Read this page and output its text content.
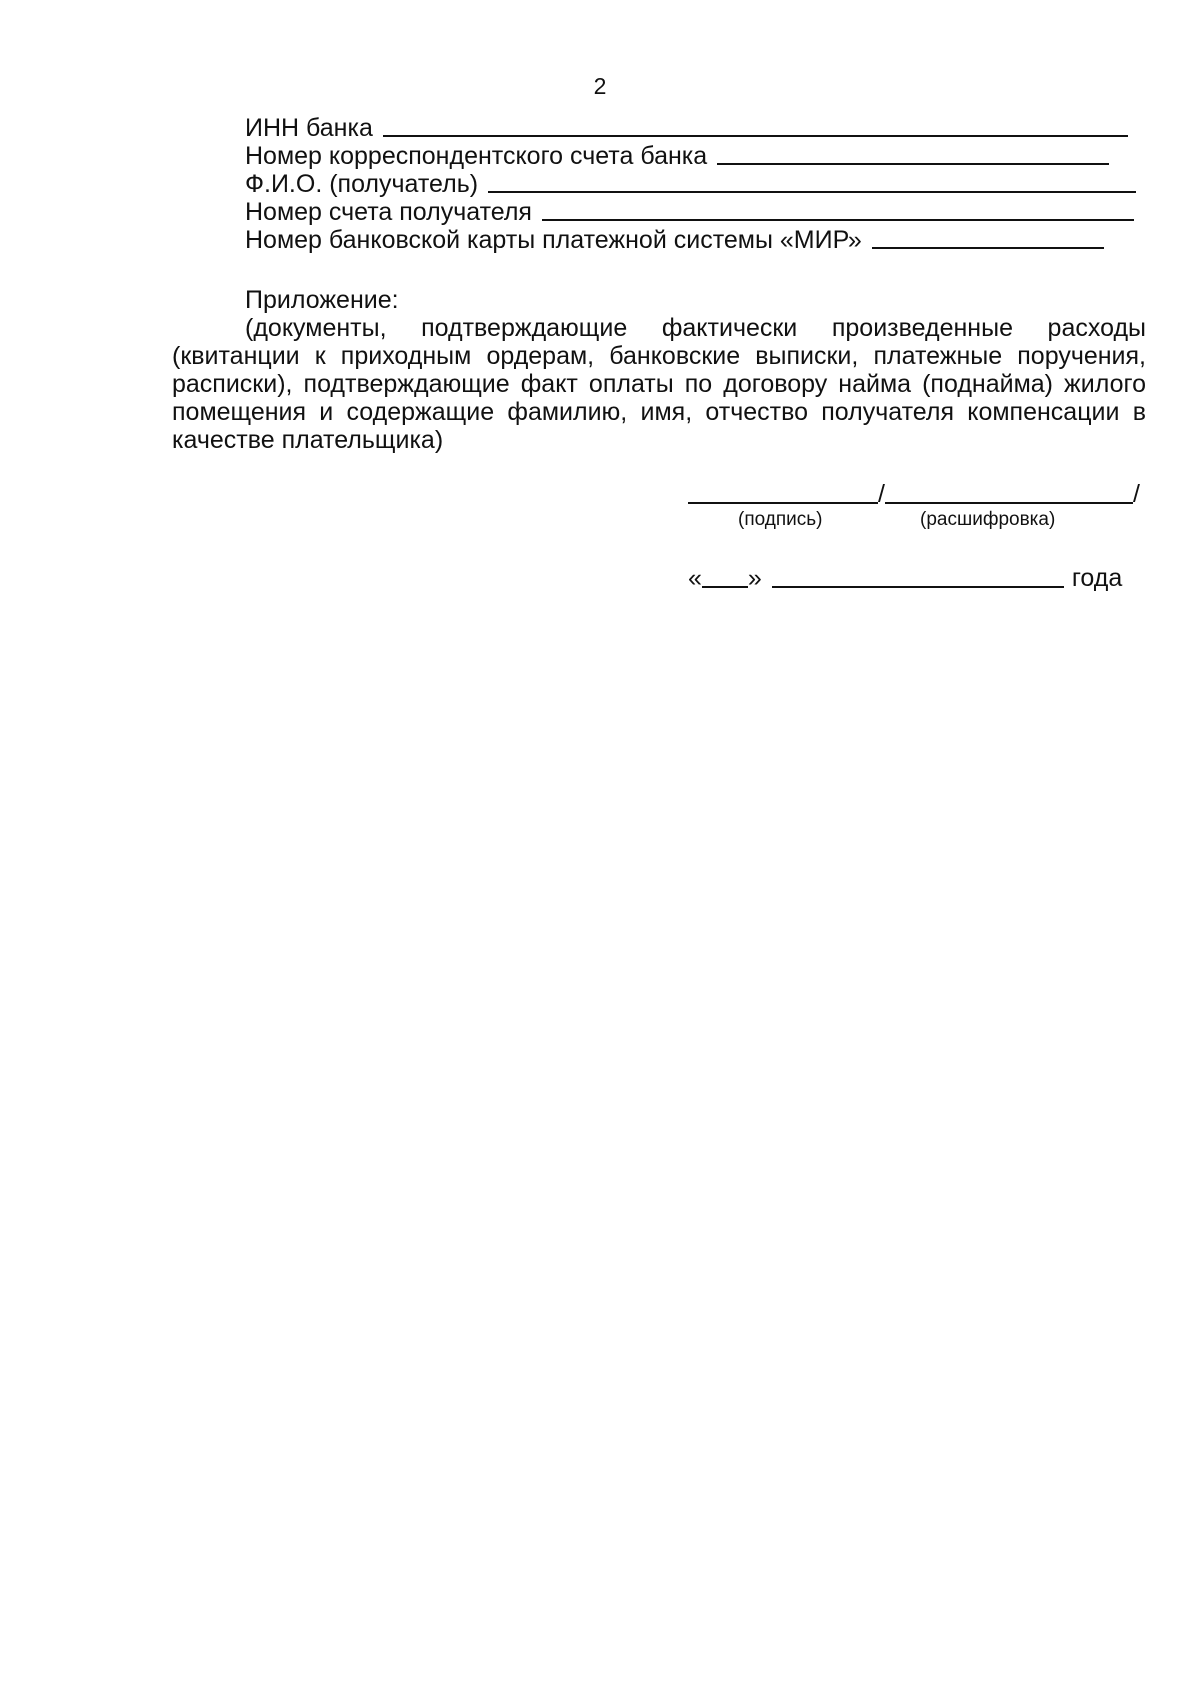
2
ИНН банка
Номер корреспондентского счета банка
Ф.И.О. (получатель)
Номер счета получателя
Номер банковской карты платежной системы «МИР»
Приложение:

(документы, подтверждающие фактически произведенные расходы (квитанции к приходным ордерам, банковские выписки, платежные поручения, расписки), подтверждающие факт оплаты по договору найма (поднайма) жилого помещения и содержащие фамилию, имя, отчество получателя компенсации в качестве плательщика)

/	/
(подпись)	(расшифровка)
« »	года
